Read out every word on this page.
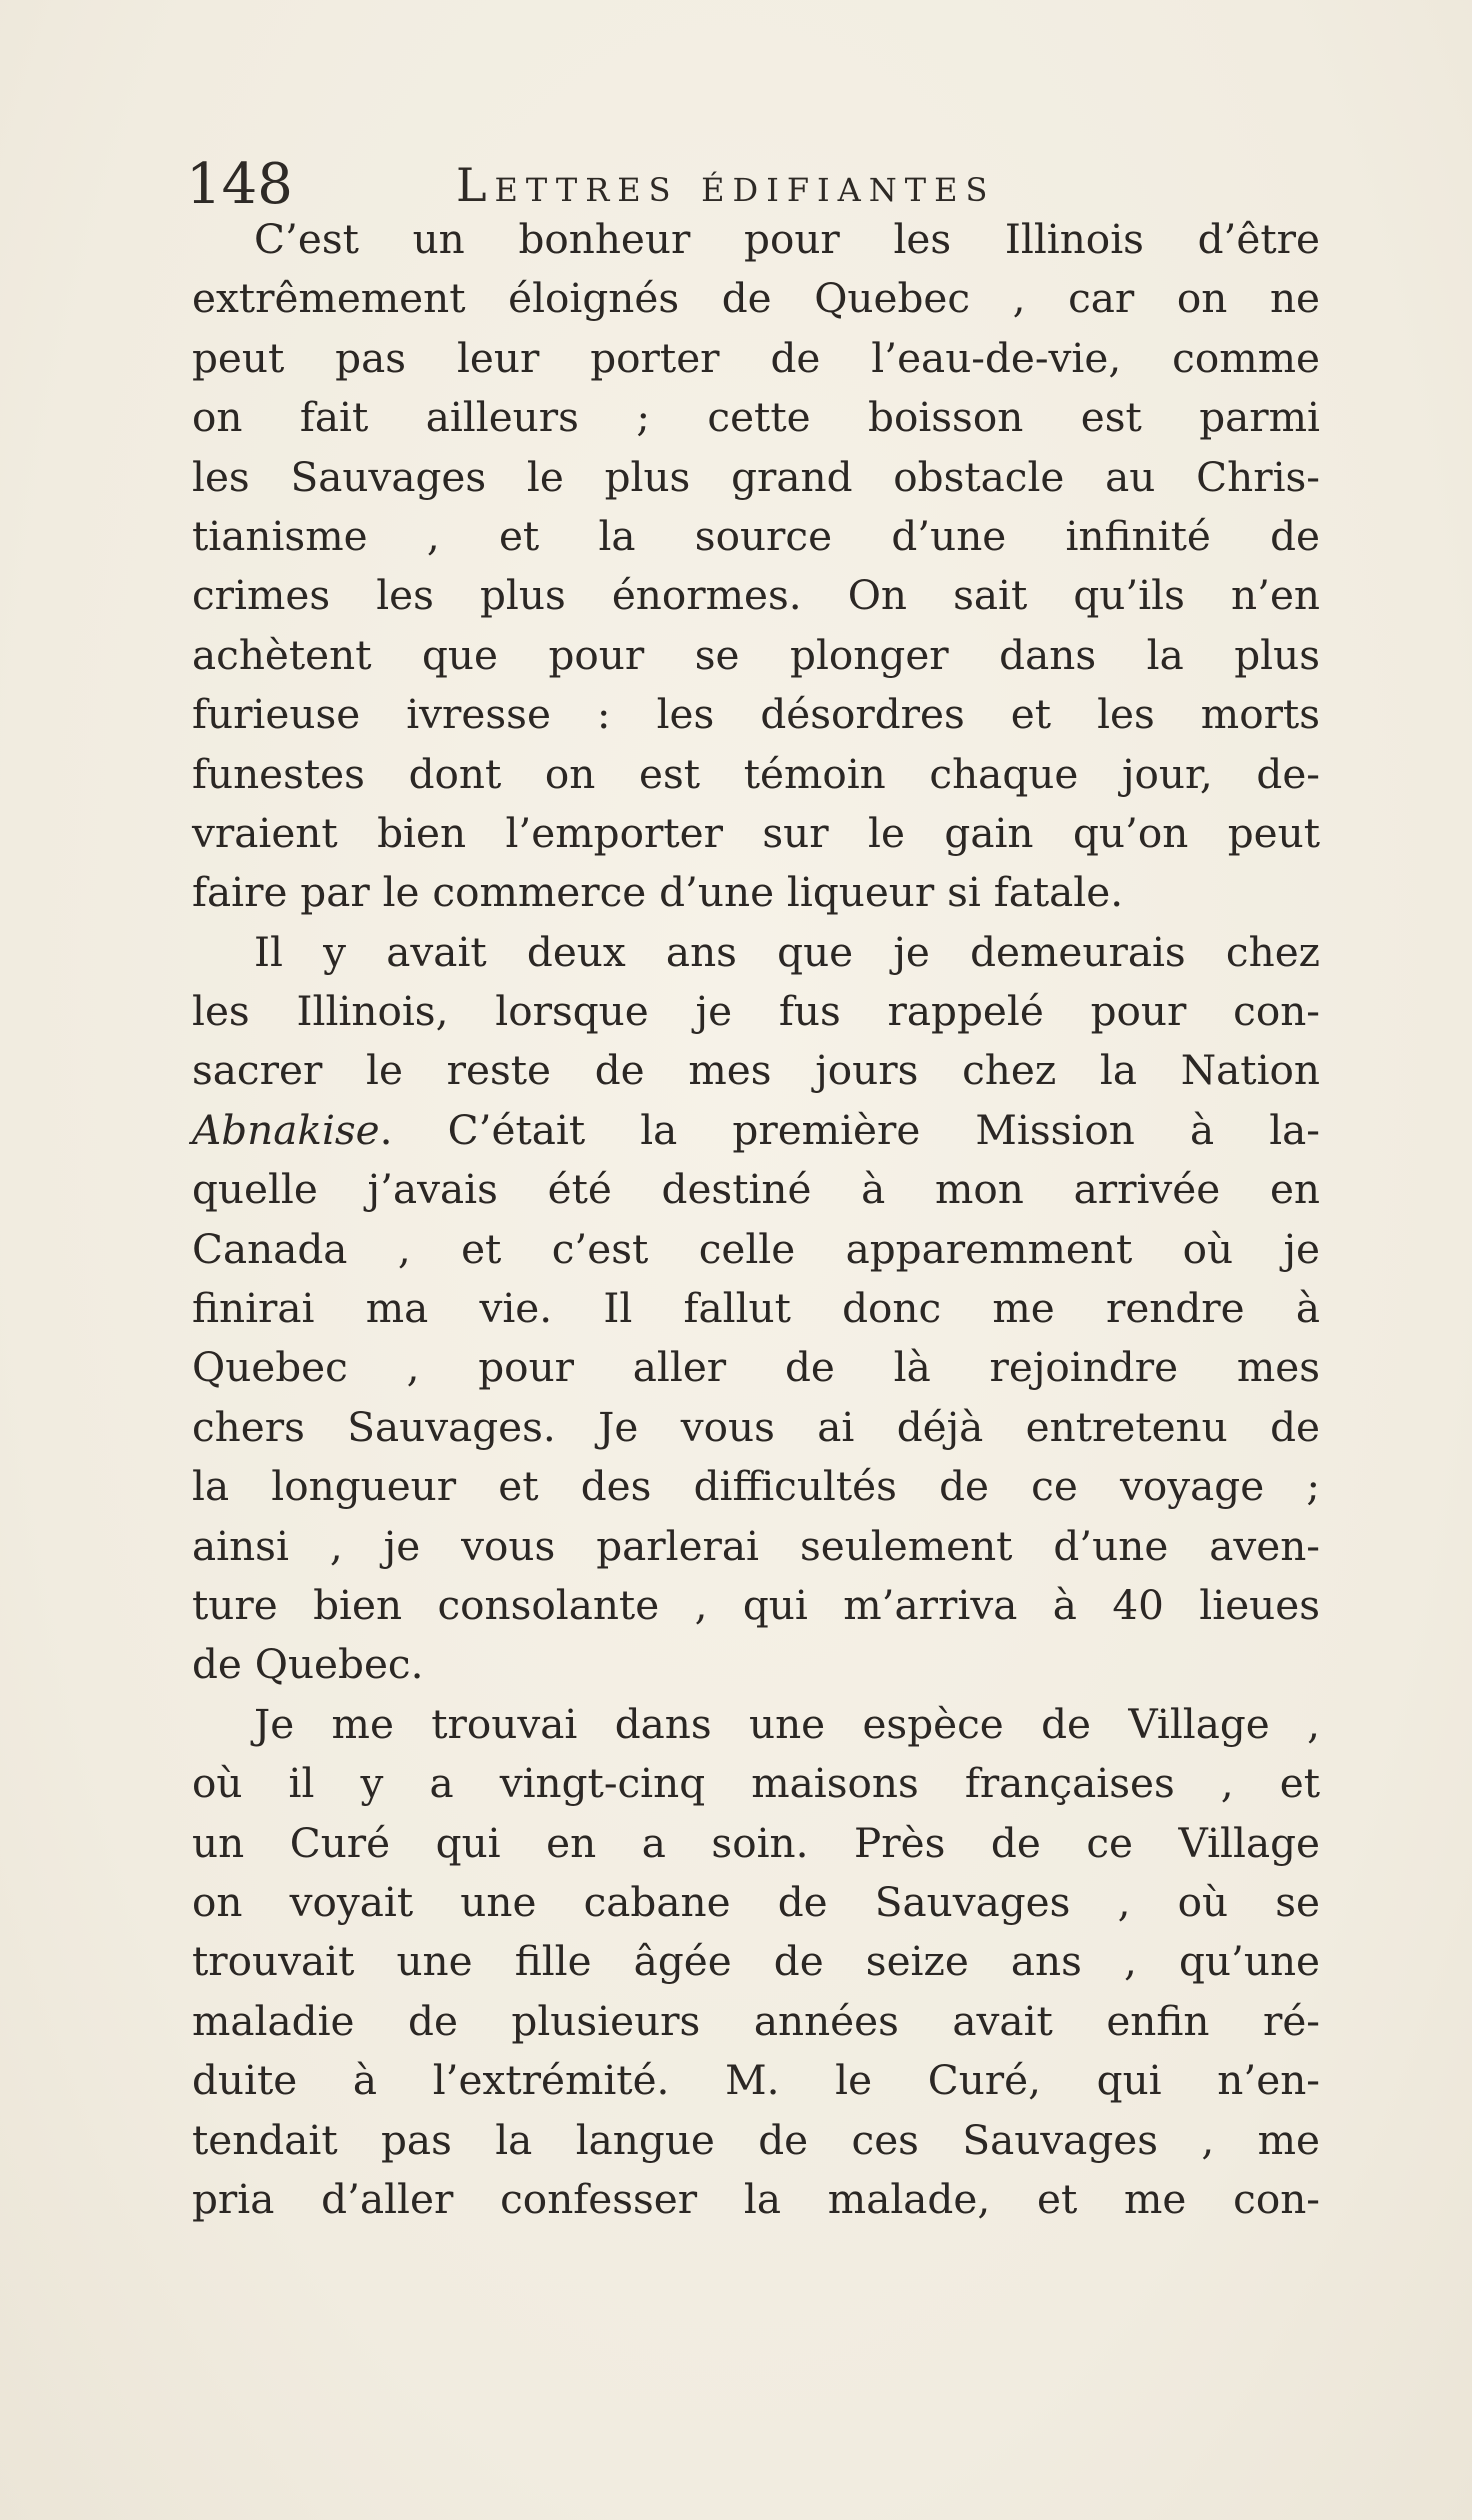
148	Lettres édifiantes
C’est un bonheur pour les Illinois d’être
extrêmement éloignés de Quebec , car on ne
peut pas leur porter de l’eau-de-vie, comme
on fait ailleurs ; cette boisson est parmi
les Sauvages le plus grand obstacle au Chris-
tianisme , et la source d’une infinité de
crimes les plus énormes. On sait qu’ils n’en
achètent que pour se plonger dans la plus
furieuse ivresse : les désordres et les morts
funestes dont on est témoin chaque jour, de-
vraient bien l’emporter sur le gain qu’on peut
faire par le commerce d’une liqueur si fatale.
Il y avait deux ans que je demeurais chez
les Illinois, lorsque je fus rappelé pour con-
sacrer le reste de mes jours chez la Nation
Abnakise. C’était la première Mission à la-
quelle j’avais été destiné à mon arrivée en
Canada , et c’est celle apparemment où je
finirai ma vie. Il fallut donc me rendre à
Quebec , pour aller de là rejoindre mes
chers Sauvages. Je vous ai déjà entretenu de
la longueur et des difficultés de ce voyage ;
ainsi , je vous parlerai seulement d’une aven-
ture bien consolante , qui m’arriva à 40 lieues
de Quebec.
Je me trouvai dans une espèce de Village ,
où il y a vingt-cinq maisons françaises , et
un Curé qui en a soin. Près de ce Village
on voyait une cabane de Sauvages , où se
trouvait une fille âgée de seize ans , qu’une
maladie de plusieurs années avait enfin ré-
duite à l’extrémité. M. le Curé, qui n’en-
tendait pas la langue de ces Sauvages , me
pria d’aller confesser la malade, et me con-
